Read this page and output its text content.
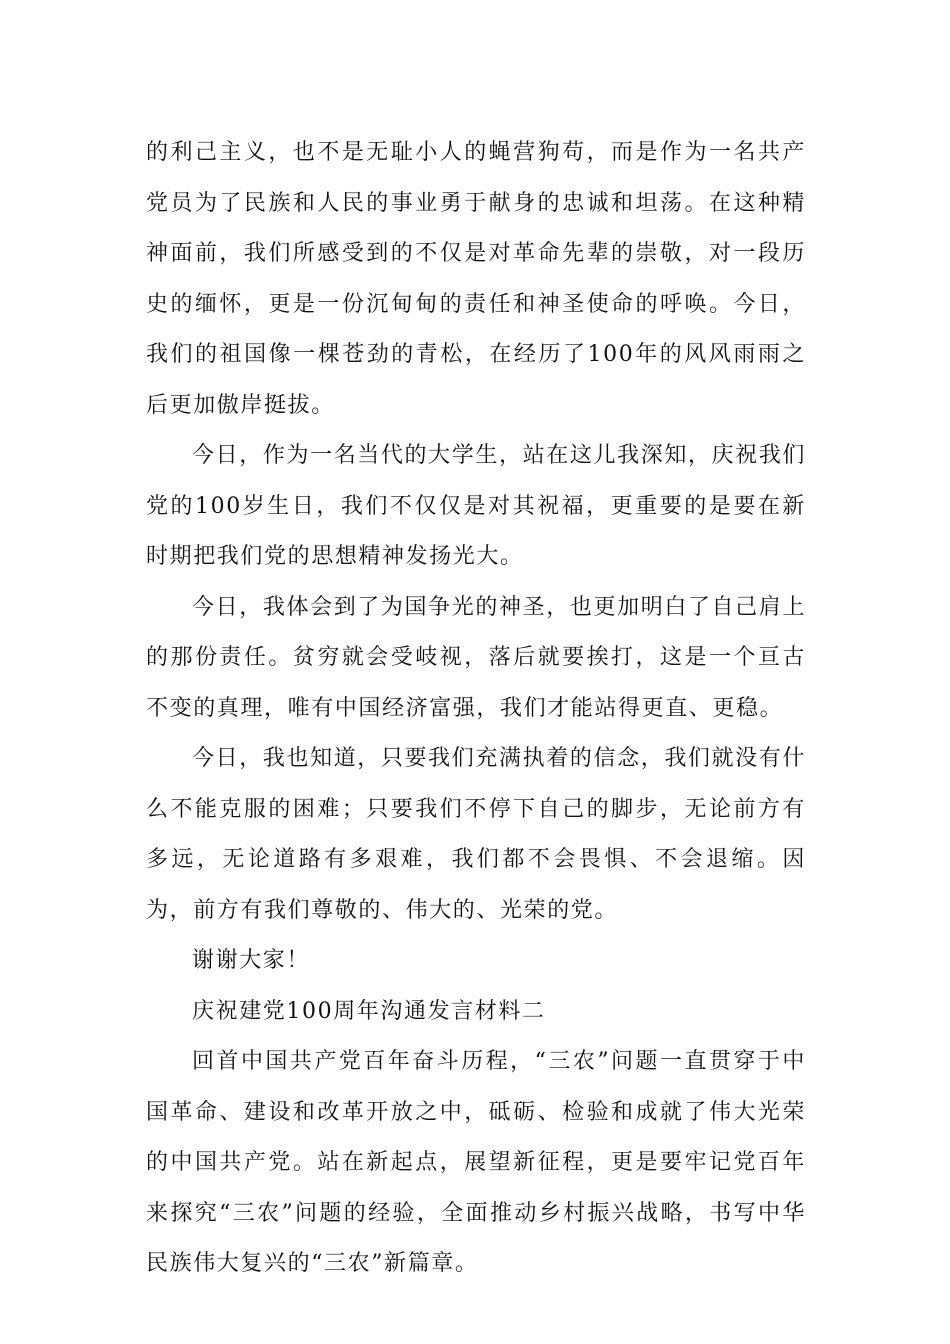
的利己主义，也不是无耻小人的蝇营狗苟，而是作为一名共产党员为了民族和人民的事业勇于献身的忠诚和坦荡。在这种精神面前，我们所感受到的不仅是对革命先辈的崇敬，对一段历史的缅怀，更是一份沉甸甸的责任和神圣使命的呼唤。今日，我们的祖国像一棵苍劲的青松，在经历了100年的风风雨雨之后更加傲岸挺拔。

今日，作为一名当代的大学生，站在这儿我深知，庆祝我们党的100岁生日，我们不仅仅是对其祝福，更重要的是要在新时期把我们党的思想精神发扬光大。

今日，我体会到了为国争光的神圣，也更加明白了自己肩上的那份责任。贫穷就会受岐视，落后就要挨打，这是一个亘古不变的真理，唯有中国经济富强，我们才能站得更直、更稳。

今日，我也知道，只要我们充满执着的信念，我们就没有什么不能克服的困难；只要我们不停下自己的脚步，无论前方有多远，无论道路有多艰难，我们都不会畏惧、不会退缩。因为，前方有我们尊敬的、伟大的、光荣的党。

谢谢大家！

庆祝建党100周年沟通发言材料二

回首中国共产党百年奋斗历程，“三农”问题一直贯穿于中国革命、建设和改革开放之中，砥砺、检验和成就了伟大光荣的中国共产党。站在新起点，展望新征程，更是要牢记党百年来探究“三农”问题的经验，全面推动乡村振兴战略，书写中华民族伟大复兴的“三农”新篇章。
